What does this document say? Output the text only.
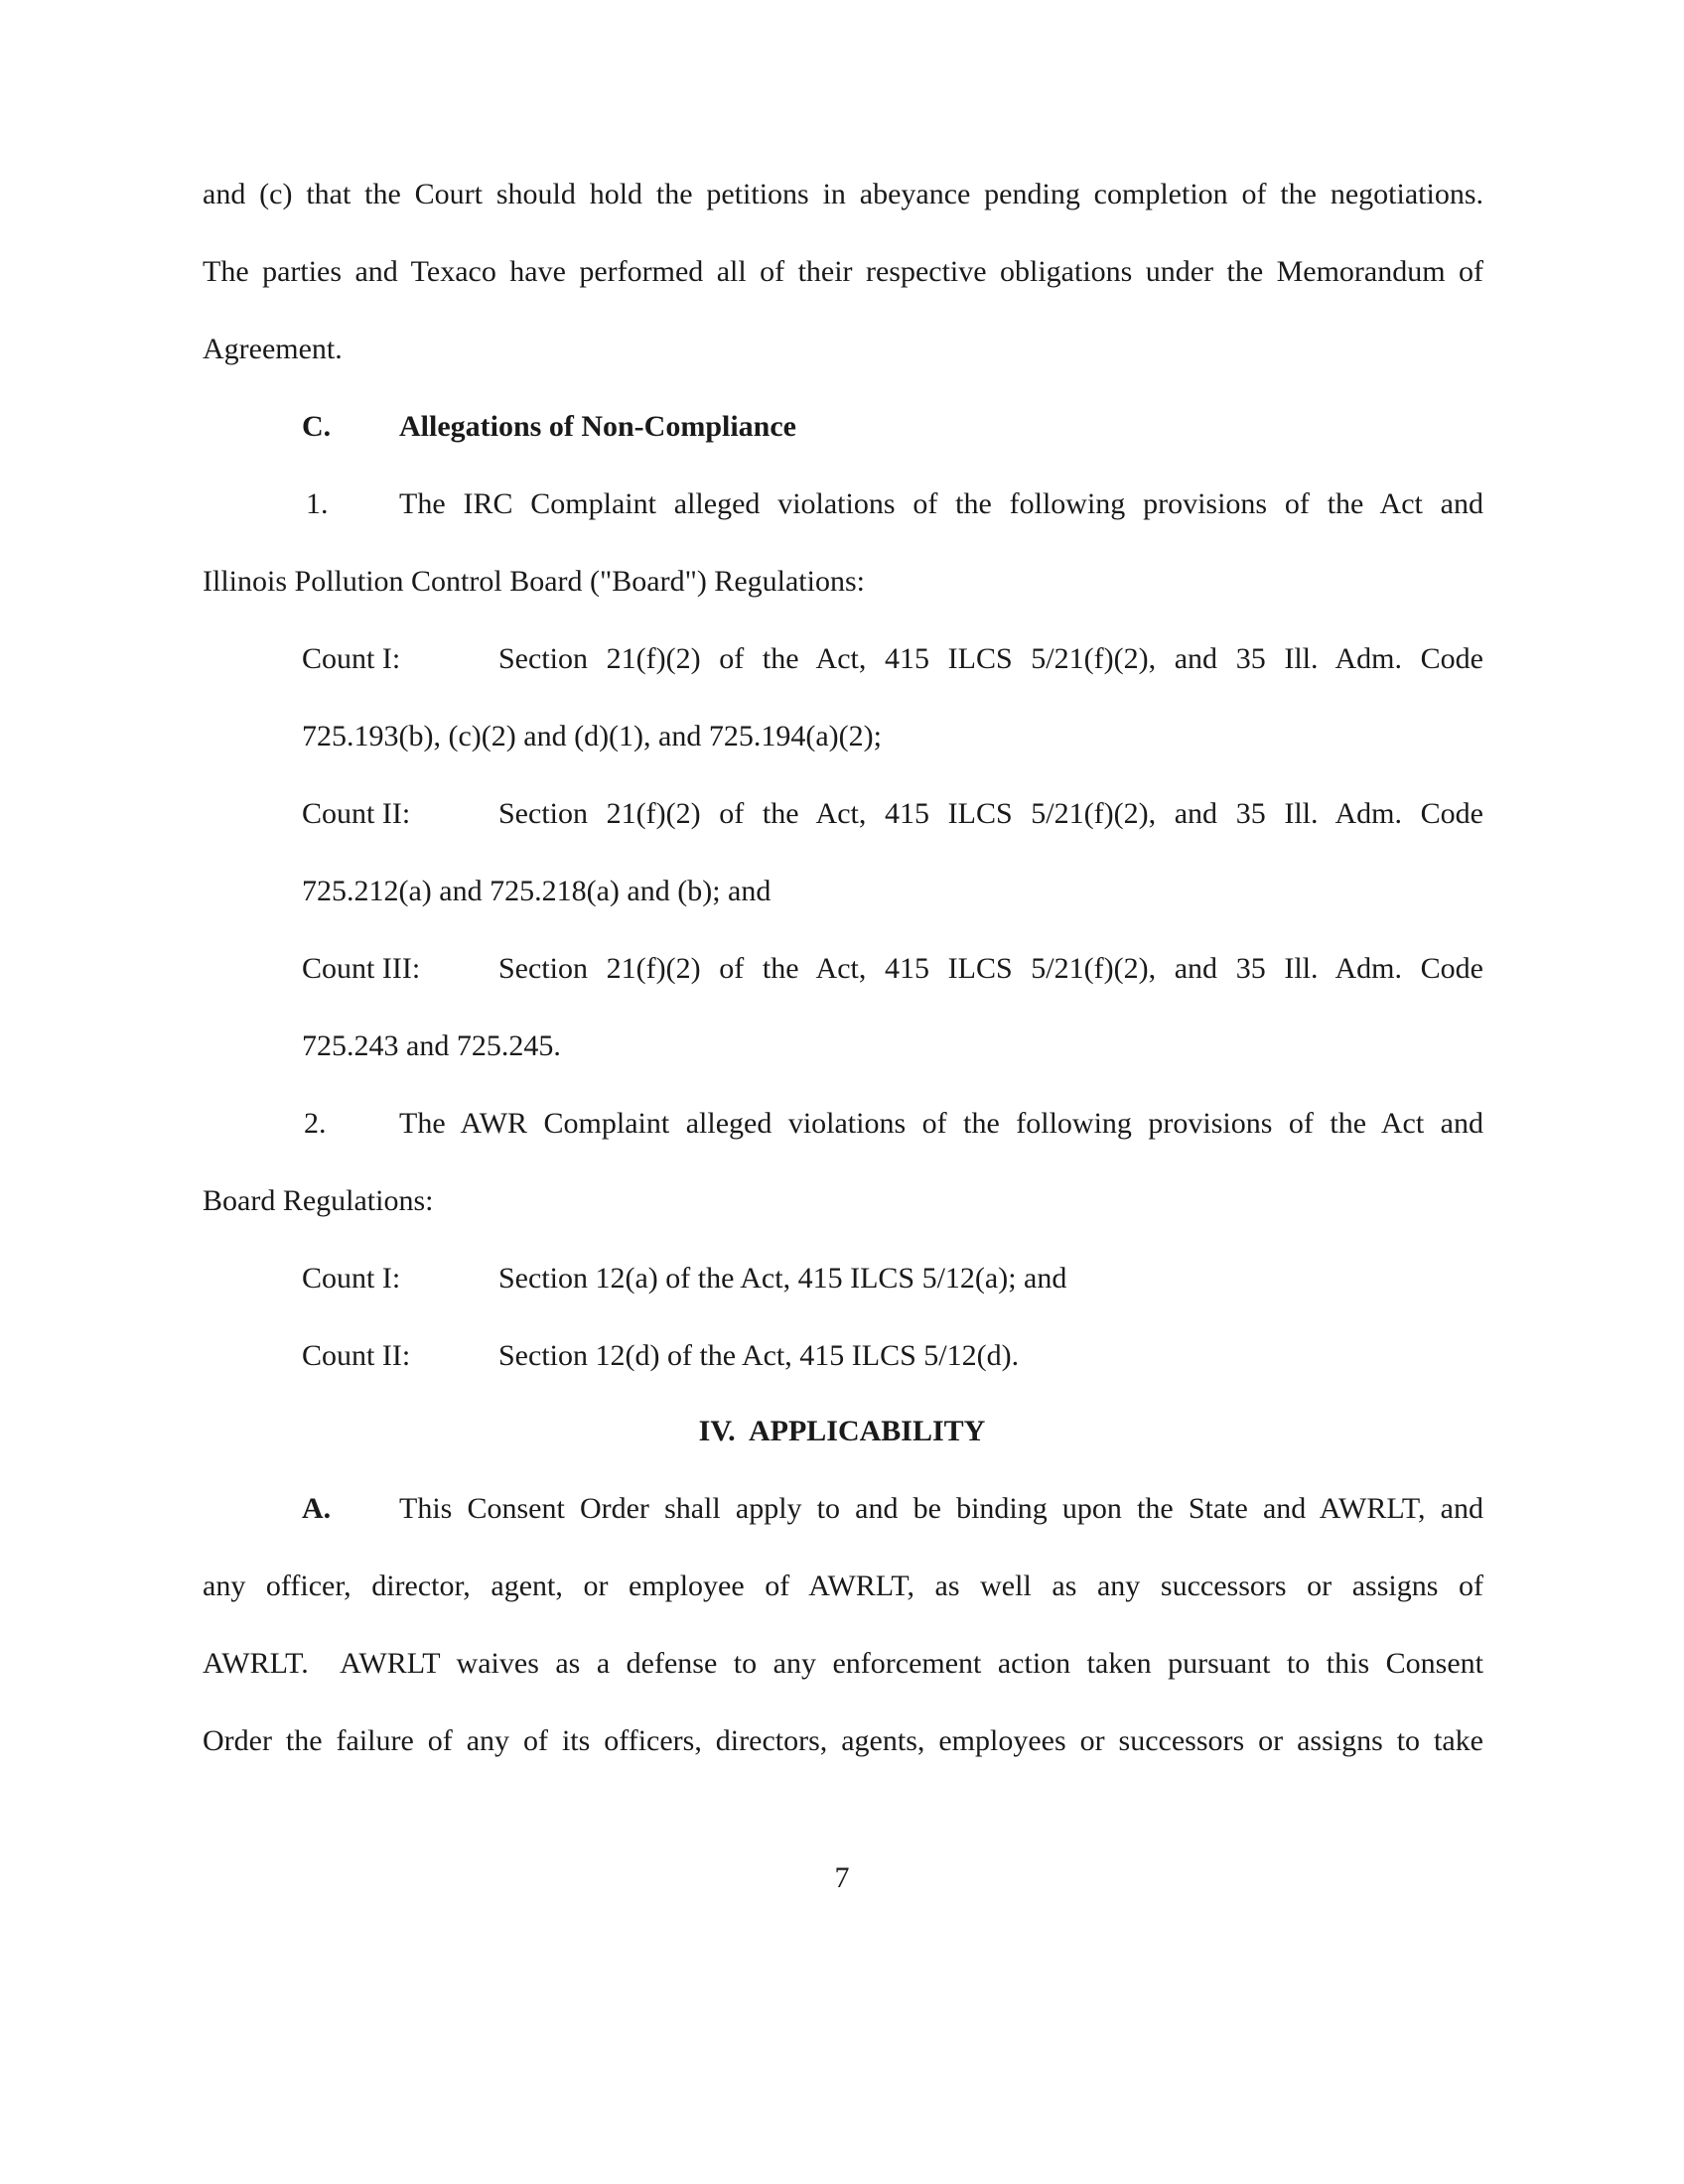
and (c) that the Court should hold the petitions in abeyance pending completion of the negotiations.
The parties and Texaco have performed all of their respective obligations under the Memorandum of
Agreement.
C. Allegations of Non-Compliance
1. The IRC Complaint alleged violations of the following provisions of the Act and
Illinois Pollution Control Board ("Board") Regulations:
Count I:	Section 21(f)(2) of the Act, 415 ILCS 5/21(f)(2), and 35 Ill. Adm. Code
725.193(b), (c)(2) and (d)(1), and 725.194(a)(2);
Count II:	Section 21(f)(2) of the Act, 415 ILCS 5/21(f)(2), and 35 Ill. Adm. Code
725.212(a) and 725.218(a) and (b); and
Count III:	Section 21(f)(2) of the Act, 415 ILCS 5/21(f)(2), and 35 Ill. Adm. Code
725.243 and 725.245.
2. The AWR Complaint alleged violations of the following provisions of the Act and
Board Regulations:
Count I:	Section 12(a) of the Act, 415 ILCS 5/12(a); and
Count II:	Section 12(d) of the Act, 415 ILCS 5/12(d).
IV.  APPLICABILITY
A. This Consent Order shall apply to and be binding upon the State and AWRLT, and
any officer, director, agent, or employee of AWRLT, as well as any successors or assigns of
AWRLT.  AWRLT waives as a defense to any enforcement action taken pursuant to this Consent
Order the failure of any of its officers, directors, agents, employees or successors or assigns to take
7
